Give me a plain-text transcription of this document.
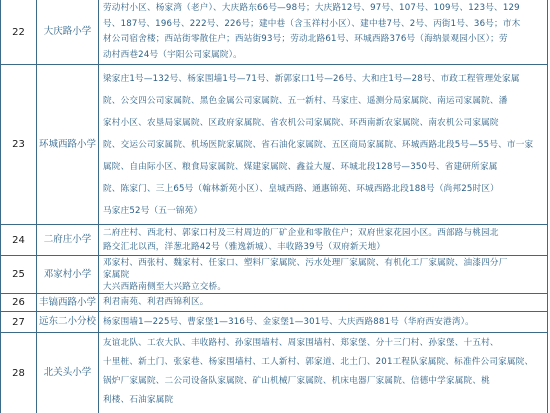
22	大庆路小学
劳动村小区、杨家湾（老户）、大庆路东66号—98号；大庆路12号、97号、107号、109号、123号、129
号、187号、196号、222号、226号；建中巷（含玉祥村小区）、建中巷7号、2号、丙街1号、36号；市木
材公司宿舍楼；西站街零散住户；西站街93号；劳动北路61号、环城西路376号（海纳景观园小区）；劳
动村西巷24号（宇阳公司家属院）。
23	环城西路小学
梁家庄1号—132号、杨家围墙1号—71号、新郭家口1号—26号、大和庄1号—28号、市政工程管理处家属
院、公交四公司家属院、黑色金属公司家属院、五一新村、马家庄、遥测分局家属院、南运司家属院、潘
家村小区、农垦局家属院、区政府家属院、省农机公司家属院、环西南新农家属院、南农机公司家属院
院、交运公司家属院、机场医院家属院、省石油化家属院、五区商局家属院、环城西路北段5号—55号、市一家
属院、自由际小区、粮食局家属院、煤建家属院、鑫益大厦、环城北段128号—350号、省建研所家属
院、陈家门、三上65号（翰林新苑小区）、皇城西路、通惠锦苑、环城西路北段188号（尚邦25时区）
马家庄52号（五一锦苑）
24	二府庄小学
二府庄村、西北村、郭家口村及三村周边的厂矿企业和零散住户；双府世家花园小区。西部路与桃园北
路交汇北以西，洋葱北路42号（雅逸新城）、丰收路39号（双府新天地）
25	邓家村小学
邓家村、西张村、魏家村、任家口、塑料厂家属院、污水处理厂家属院、有机化工厂家属院、油漆四分厂
家属院
大兴西路南侧至大兴路立交桥。
26	丰镐西路小学 利君南苑、利君西锦利区。
27	远东二小分校 杨家围墙1—225号、曹家堡1—316号、金家堡1—301号、大庆西路881号（华府西安港湾）。
28	北关头小学
友谊北队、工农大队、丰收路村、孙家围墙村、周家围墙村、郑家堡、分十三门村、孙家堡、十五村、
十里桩、新土门、张家巷、杨家围墙村、工人新村、郭家道、北土门、201工程队家属院、标准件公司家属院、
锅炉厂家属院、二公司设备队家属院、矿山机械厂家属院、机床电器厂家属院、信德中学家属院、桃
利楼、石油家属院
